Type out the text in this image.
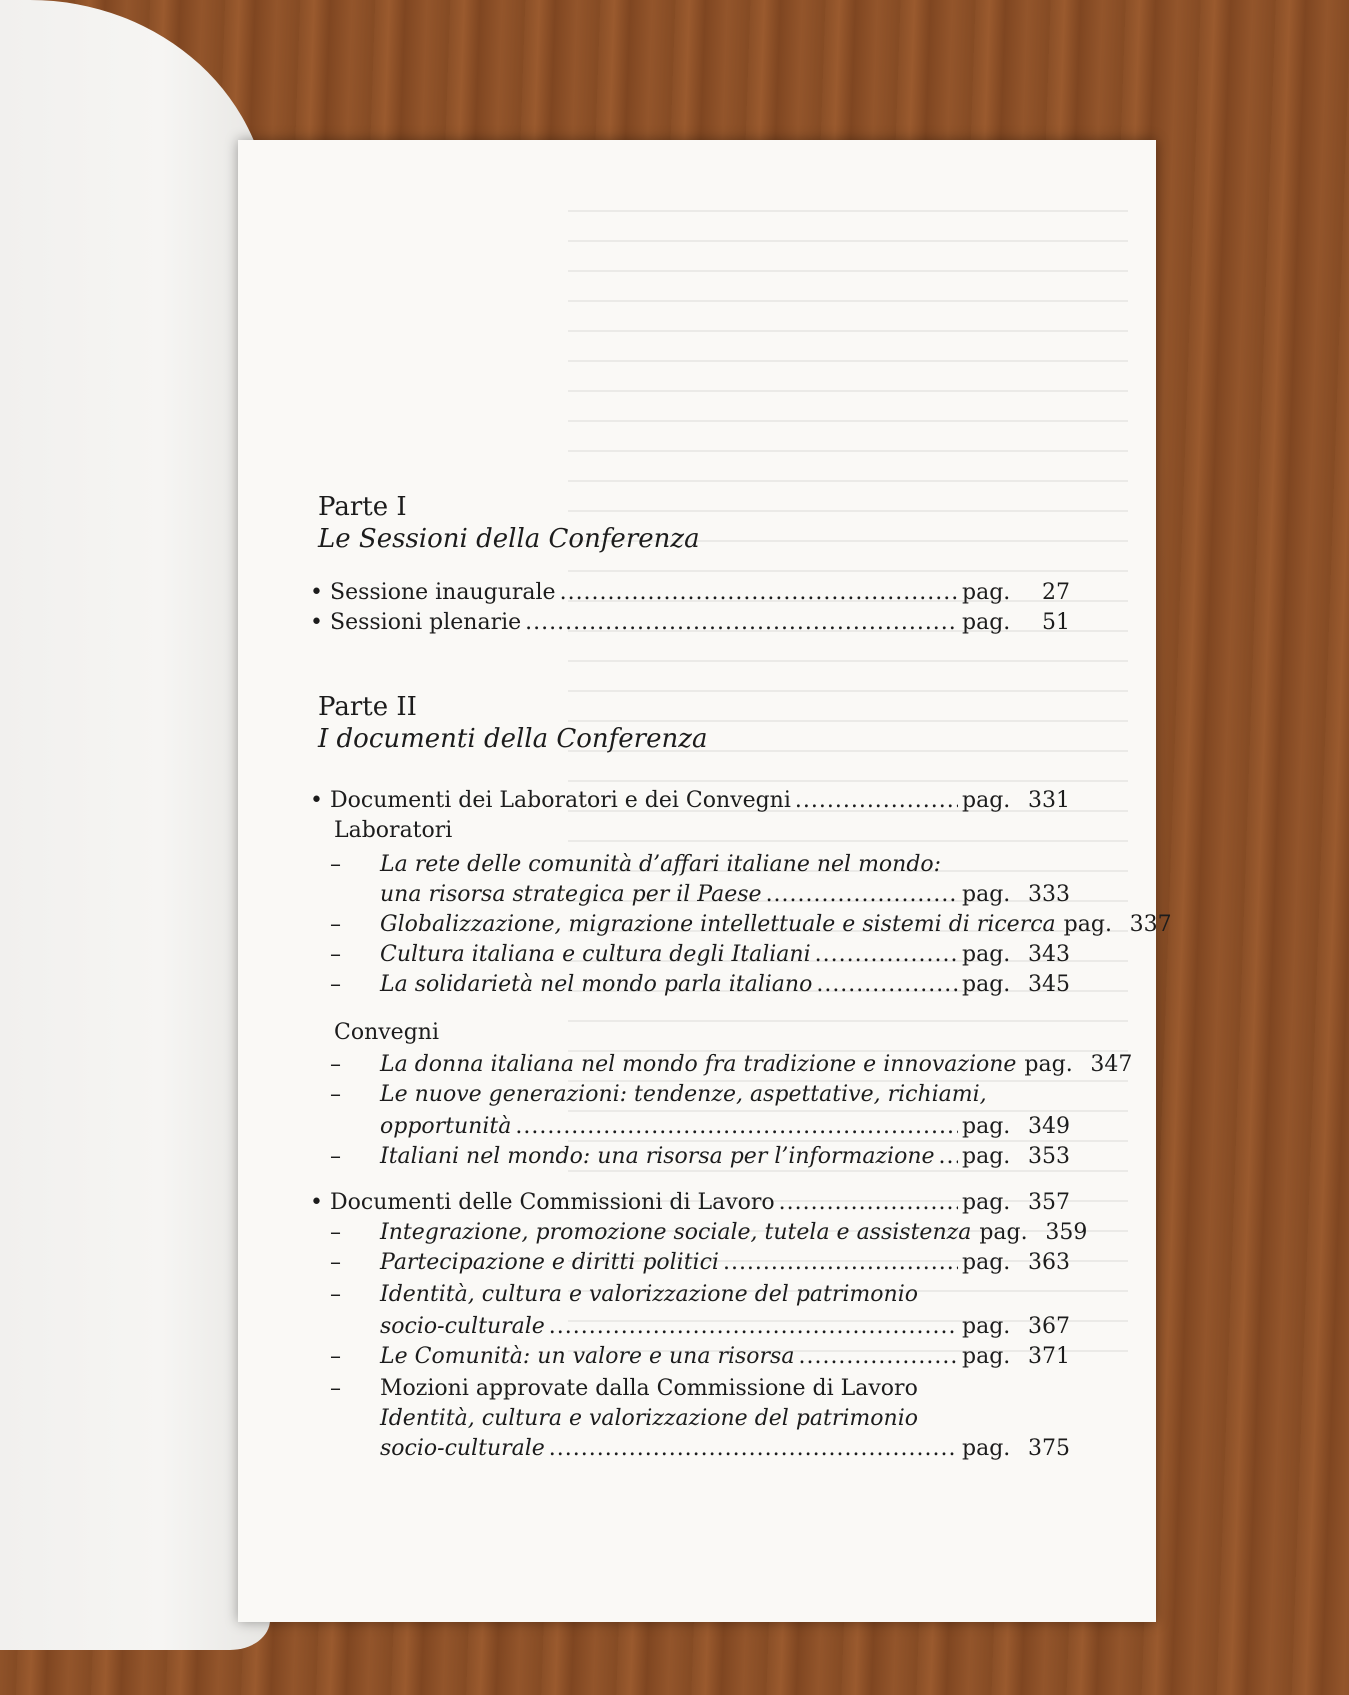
Parte I
Le Sessioni della Conferenza
• Sessione inaugurale .....	pag.	27
• Sessioni plenarie .....	pag.	51
Parte II
I documenti della Conferenza
• Documenti dei Laboratori e dei Convegni .....	pag. 331
Laboratori
–	La rete delle comunità d’affari italiane nel mondo:
una risorsa strategica per il Paese .....	pag. 333
–	Globalizzazione, migrazione intellettuale e sistemi di ricerca pag. 337
–	Cultura italiana e cultura degli Italiani .....	pag. 343
–	La solidarietà nel mondo parla italiano .....	pag. 345
Convegni
–	La donna italiana nel mondo fra tradizione e innovazione pag. 347
–	Le nuove generazioni: tendenze, aspettative, richiami,
opportunità .....	pag. 349
–	Italiani nel mondo: una risorsa per l’informazione ..... pag. 353
• Documenti delle Commissioni di Lavoro .....	pag. 357
–	Integrazione, promozione sociale, tutela e assistenza pag. 359
–	Partecipazione e diritti politici .....	pag. 363
–	Identità, cultura e valorizzazione del patrimonio
socio-culturale .....	pag. 367
–	Le Comunità: un valore e una risorsa .....	pag. 371
–	Mozioni approvate dalla Commissione di Lavoro
Identità, cultura e valorizzazione del patrimonio
socio-culturale .....	pag. 375
